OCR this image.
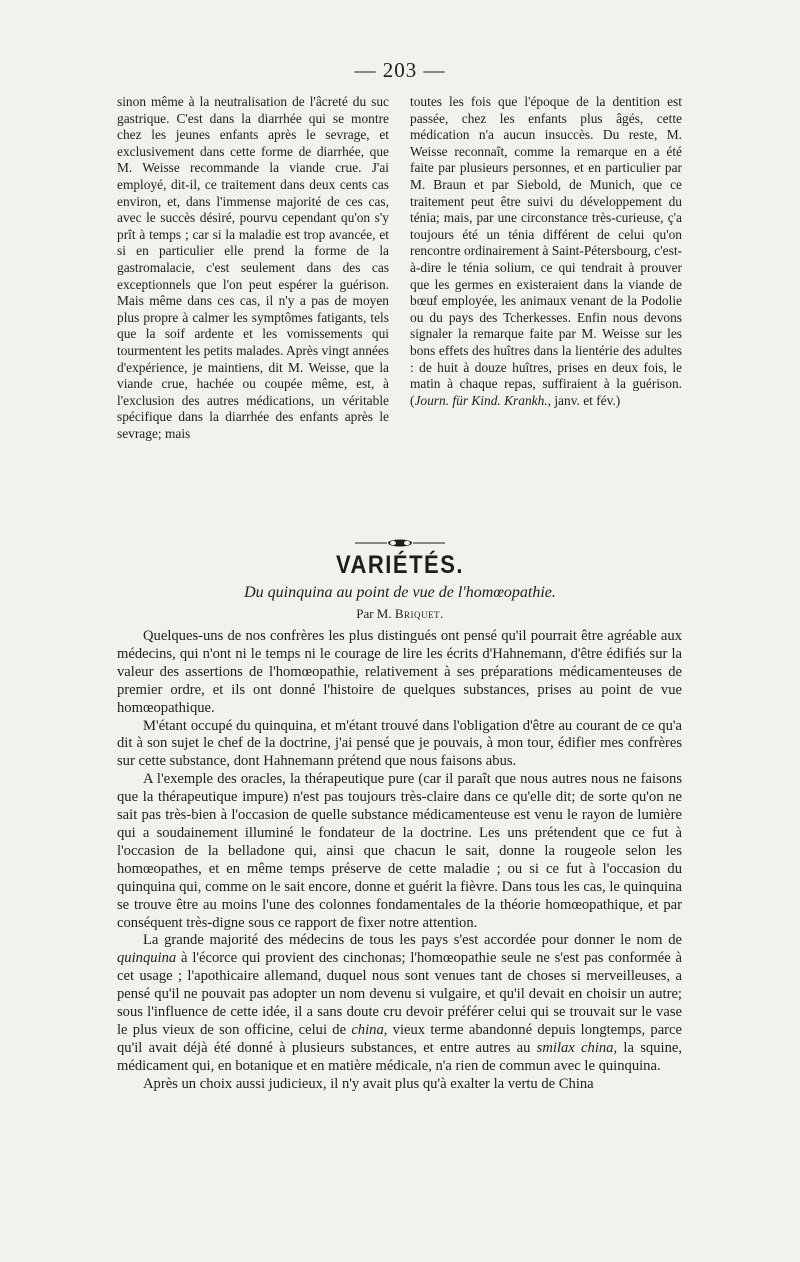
— 203 —

sinon même à la neutralisation de l'âcreté du suc gastrique. C'est dans la diarrhée qui se montre chez les jeunes enfants après le sevrage, et exclusivement dans cette forme de diarrhée, que M. Weisse recommande la viande crue. J'ai employé, dit-il, ce traitement dans deux cents cas environ, et, dans l'immense majorité de ces cas, avec le succès désiré, pourvu cependant qu'on s'y prît à temps ; car si la maladie est trop avancée, et si en particulier elle prend la forme de la gastromalacie, c'est seulement dans des cas exceptionnels que l'on peut espérer la guérison. Mais même dans ces cas, il n'y a pas de moyen plus propre à calmer les symptômes fatigants, tels que la soif ardente et les vomissements qui tourmentent les petits malades. Après vingt années d'expérience, je maintiens, dit M. Weisse, que la viande crue, hachée ou coupée même, est, à l'exclusion des autres médications, un véritable spécifique dans la diarrhée des enfants après le sevrage; mais

toutes les fois que l'époque de la dentition est passée, chez les enfants plus âgés, cette médication n'a aucun insuccès. Du reste, M. Weisse reconnaît, comme la remarque en a été faite par plusieurs personnes, et en particulier par M. Braun et par Siebold, de Munich, que ce traitement peut être suivi du développement du ténia; mais, par une circonstance très-curieuse, ç'a toujours été un ténia différent de celui qu'on rencontre ordinairement à Saint-Pétersbourg, c'est-à-dire le ténia solium, ce qui tendrait à prouver que les germes en existeraient dans la viande de bœuf employée, les animaux venant de la Podolie ou du pays des Tcherkesses. Enfin nous devons signaler la remarque faite par M. Weisse sur les bons effets des huîtres dans la lientérie des adultes : de huit à douze huîtres, prises en deux fois, le matin à chaque repas, suffiraient à la guérison. (Journ. für Kind. Krankh., janv. et fév.)

VARIÉTÉS.
Du quinquina au point de vue de l'homœopathie.
Par M. Briquet.

Quelques-uns de nos confrères les plus distingués ont pensé qu'il pourrait être agréable aux médecins, qui n'ont ni le temps ni le courage de lire les écrits d'Hahnemann, d'être édifiés sur la valeur des assertions de l'homœopathie, relativement à ses préparations médicamenteuses de premier ordre, et ils ont donné l'histoire de quelques substances, prises au point de vue homœopathique.

M'étant occupé du quinquina, et m'étant trouvé dans l'obligation d'être au courant de ce qu'a dit à son sujet le chef de la doctrine, j'ai pensé que je pouvais, à mon tour, édifier mes confrères sur cette substance, dont Hahnemann prétend que nous faisons abus.

A l'exemple des oracles, la thérapeutique pure (car il paraît que nous autres nous ne faisons que la thérapeutique impure) n'est pas toujours très-claire dans ce qu'elle dit; de sorte qu'on ne sait pas très-bien à l'occasion de quelle substance médicamenteuse est venu le rayon de lumière qui a soudainement illuminé le fondateur de la doctrine. Les uns prétendent que ce fut à l'occasion de la belladone qui, ainsi que chacun le sait, donne la rougeole selon les homœopathes, et en même temps préserve de cette maladie ; ou si ce fut à l'occasion du quinquina qui, comme on le sait encore, donne et guérit la fièvre. Dans tous les cas, le quinquina se trouve être au moins l'une des colonnes fondamentales de la théorie homœopathique, et par conséquent très-digne sous ce rapport de fixer notre attention.

La grande majorité des médecins de tous les pays s'est accordée pour donner le nom de quinquina à l'écorce qui provient des cinchonas; l'homœopathie seule ne s'est pas conformée à cet usage ; l'apothicaire allemand, duquel nous sont venues tant de choses si merveilleuses, a pensé qu'il ne pouvait pas adopter un nom devenu si vulgaire, et qu'il devait en choisir un autre; sous l'influence de cette idée, il a sans doute cru devoir préférer celui qui se trouvait sur le vase le plus vieux de son officine, celui de china, vieux terme abandonné depuis longtemps, parce qu'il avait déjà été donné à plusieurs substances, et entre autres au smilax china, la squine, médicament qui, en botanique et en matière médicale, n'a rien de commun avec le quinquina.

Après un choix aussi judicieux, il n'y avait plus qu'à exalter la vertu de China
